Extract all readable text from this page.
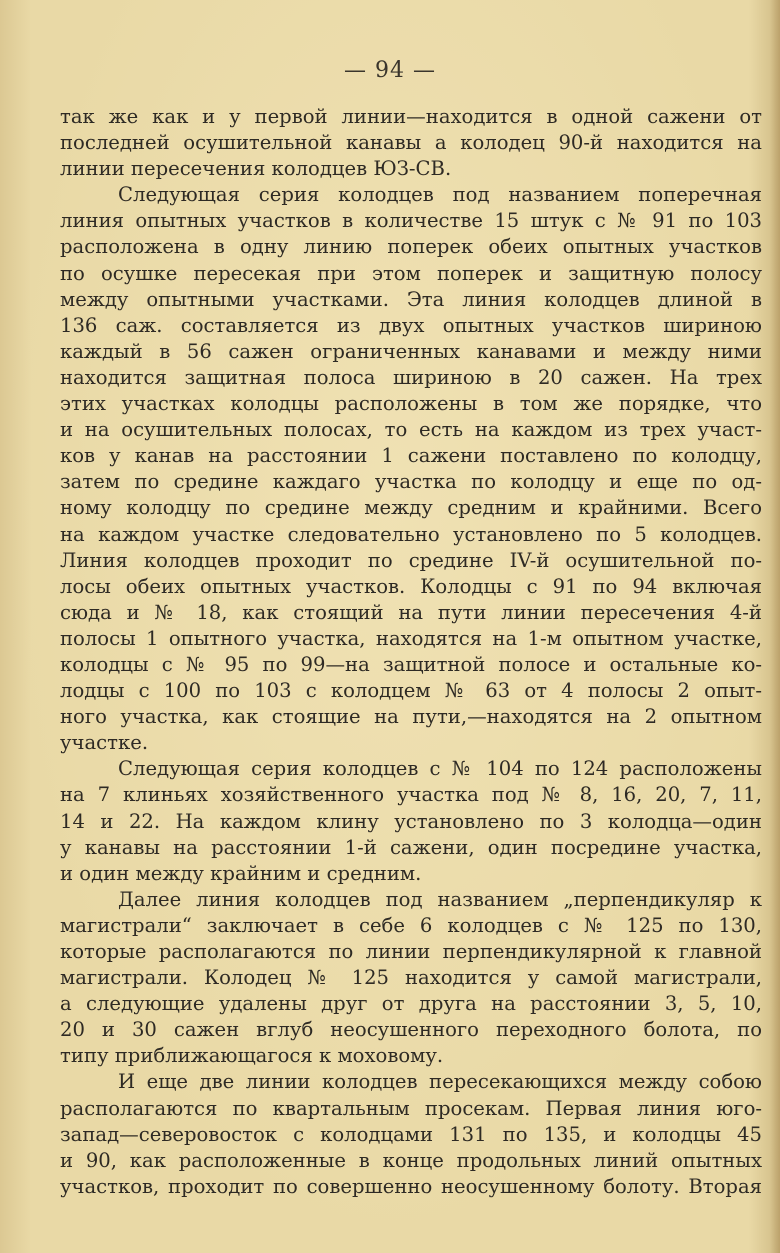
— 94 —
так же как и у первой линии—находится в одной сажени от
последней осушительной канавы а колодец 90-й находится на
линии пересечения колодцев ЮЗ-СВ.
Следующая серия колодцев под названием поперечная
линия опытных участков в количестве 15 штук с № 91 по 103
расположена в одну линию поперек обеих опытных участков
по осушке пересекая при этом поперек и защитную полосу
между опытными участками. Эта линия колодцев длиной в
136 саж. составляется из двух опытных участков шириною
каждый в 56 сажен ограниченных канавами и между ними
находится защитная полоса шириною в 20 сажен. На трех
этих участках колодцы расположены в том же порядке, что
и на осушительных полосах, то есть на каждом из трех участ-
ков у канав на расстоянии 1 сажени поставлено по колодцу,
затем по средине каждаго участка по колодцу и еще по од-
ному колодцу по средине между средним и крайними. Всего
на каждом участке следовательно установлено по 5 колодцев.
Линия колодцев проходит по средине IV-й осушительной по-
лосы обеих опытных участков. Колодцы с 91 по 94 включая
сюда и № 18, как стоящий на пути линии пересечения 4-й
полосы 1 опытного участка, находятся на 1-м опытном участке,
колодцы с № 95 по 99—на защитной полосе и остальные ко-
лодцы с 100 по 103 с колодцем № 63 от 4 полосы 2 опыт-
ного участка, как стоящие на пути,—находятся на 2 опытном
участке.
Следующая серия колодцев с № 104 по 124 расположены
на 7 клиньях хозяйственного участка под № 8, 16, 20, 7, 11,
14 и 22. На каждом клину установлено по 3 колодца—один
у канавы на расстоянии 1-й сажени, один посредине участка,
и один между крайним и средним.
Далее линия колодцев под названием „перпендикуляр к
магистрали“ заключает в себе 6 колодцев с № 125 по 130,
которые располагаются по линии перпендикулярной к главной
магистрали. Колодец № 125 находится у самой магистрали,
а следующие удалены друг от друга на расстоянии 3, 5, 10,
20 и 30 сажен вглуб неосушенного переходного болота, по
типу приближающагося к моховому.
И еще две линии колодцев пересекающихся между собою
располагаются по квартальным просекам. Первая линия юго-
запад—северовосток с колодцами 131 по 135, и колодцы 45
и 90, как расположенные в конце продольных линий опытных
участков, проходит по совершенно неосушенному болоту. Вторая
